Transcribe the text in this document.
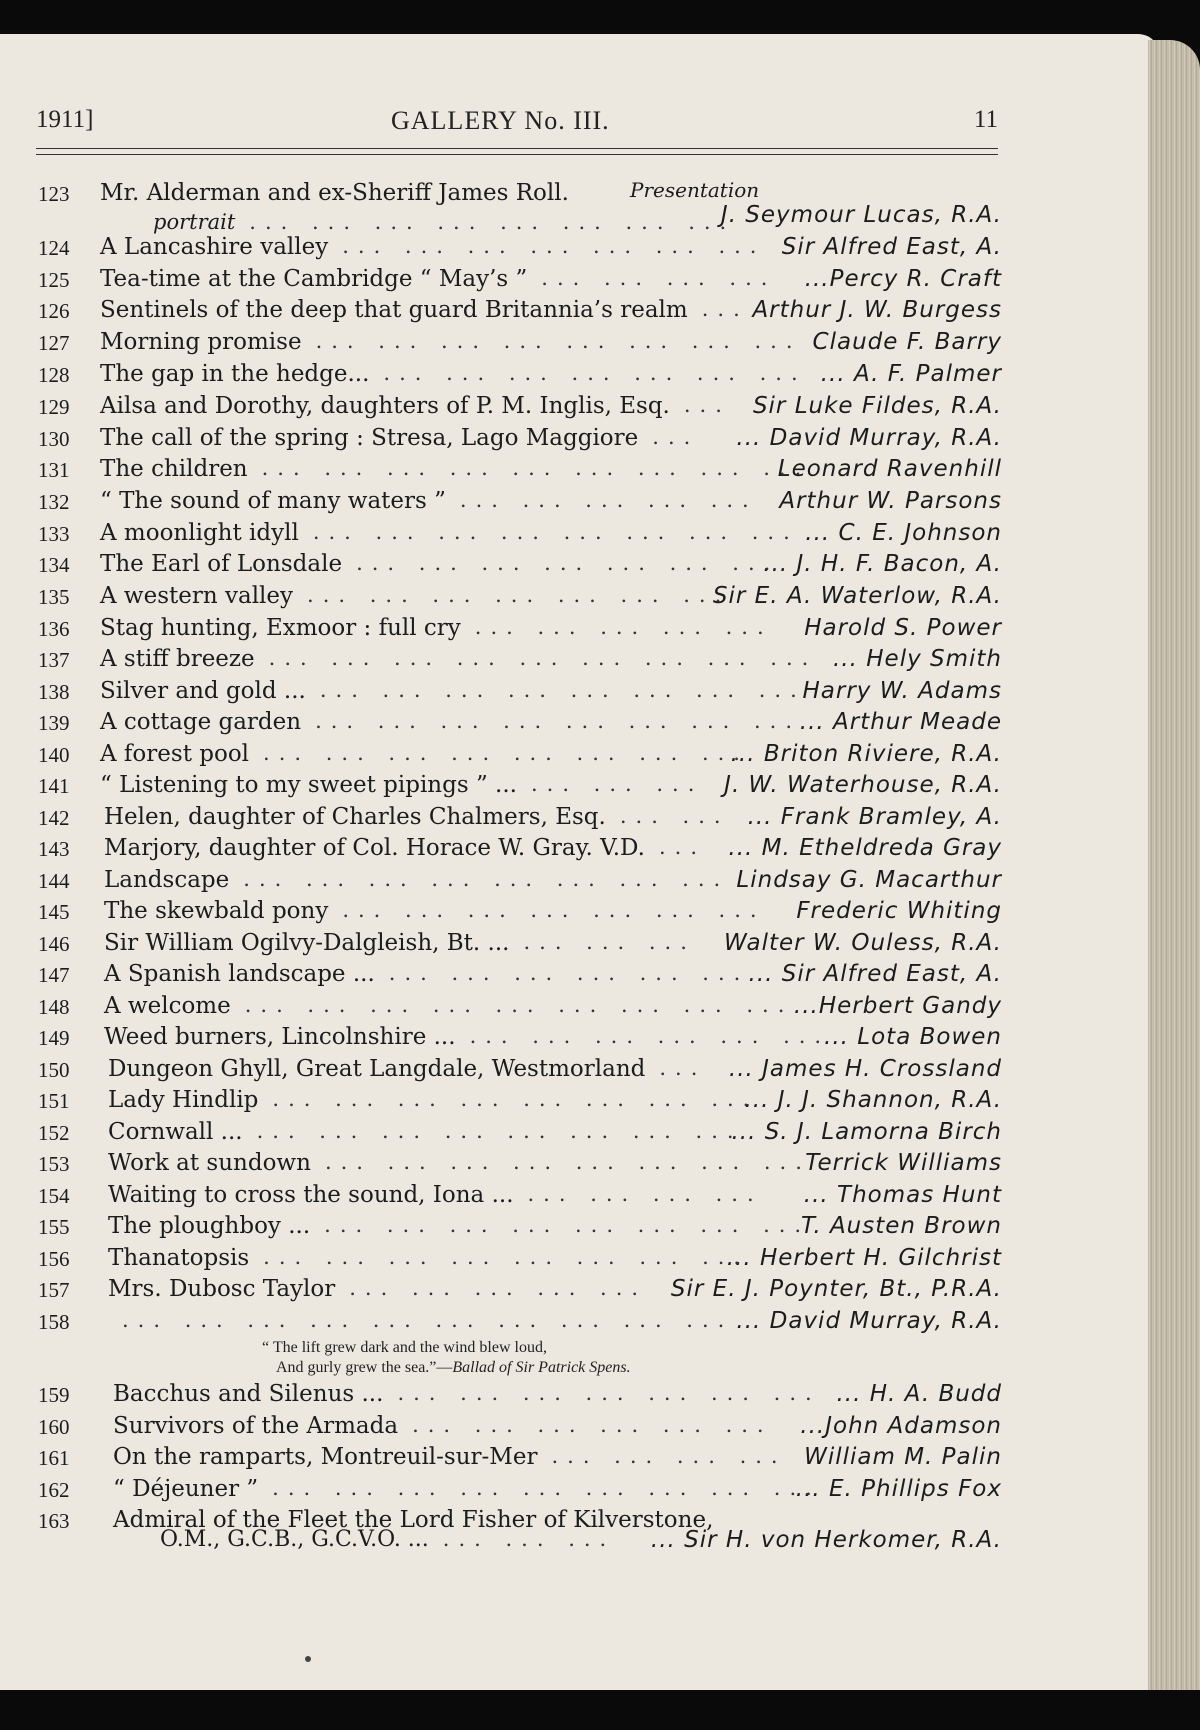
1911]	GALLERY No. III.	11
123 Mr. Alderman and ex-Sheriff James Roll.	Presentation
portrait	J. Seymour Lucas, R.A.
... ... ... ... ... ... ... ...
124 A Lancashire valley	Sir Alfred East, A.
... ... ... ... ... ... ...
125 Tea-time at the Cambridge “ May’s ”	...Percy R. Craft
... ... ... ...
126 Sentinels of the deep that guard Britannia’s realm	Arthur J. W. Burgess
...
127 Morning promise	Claude F. Barry
... ... ... ... ... ... ... ...
128 The gap in the hedge...	... A. F. Palmer
... ... ... ... ... ... ...
129 Ailsa and Dorothy, daughters of P. M. Inglis, Esq.	Sir Luke Fildes, R.A.
...
130 The call of the spring : Stresa, Lago Maggiore	... David Murray, R.A.
...
131 The children	Leonard Ravenhill
... ... ... ... ... ... ... ... ...
132 “ The sound of many waters ”	Arthur W. Parsons
... ... ... ... ...
133 A moonlight idyll	... C. E. Johnson
... ... ... ... ... ... ... ...
134 The Earl of Lonsdale	... J. H. F. Bacon, A.
... ... ... ... ... ... ...
135 A western valley	Sir E. A. Waterlow, R.A.
... ... ... ... ... ... ...
136 Stag hunting, Exmoor : full cry	Harold S. Power
... ... ... ... ...
137 A stiff breeze	... Hely Smith
... ... ... ... ... ... ... ... ...
138 Silver and gold ...	Harry W. Adams
... ... ... ... ... ... ... ...
139 A cottage garden	... Arthur Meade
... ... ... ... ... ... ... ...
140 A forest pool	... Briton Riviere, R.A.
... ... ... ... ... ... ... ...
141 “ Listening to my sweet pipings ” ...	J. W. Waterhouse, R.A.
... ... ...
142 Helen, daughter of Charles Chalmers, Esq.	... Frank Bramley, A.
... ...
143 Marjory, daughter of Col. Horace W. Gray. V.D.	... M. Etheldreda Gray
...
144 Landscape	Lindsay G. Macarthur
... ... ... ... ... ... ... ...
145 The skewbald pony	Frederic Whiting
... ... ... ... ... ... ...
146 Sir William Ogilvy-Dalgleish, Bt. ...	Walter W. Ouless, R.A.
... ... ...
147 A Spanish landscape ...	... Sir Alfred East, A.
... ... ... ... ... ...
148 A welcome	...Herbert Gandy
... ... ... ... ... ... ... ... ...
149 Weed burners, Lincolnshire ...	... Lota Bowen
... ... ... ... ... ...
150 Dungeon Ghyll, Great Langdale, Westmorland	... James H. Crossland
...
151 Lady Hindlip	... J. J. Shannon, R.A.
... ... ... ... ... ... ... ...
152 Cornwall ...	... S. J. Lamorna Birch
... ... ... ... ... ... ... ...
153 Work at sundown	Terrick Williams
... ... ... ... ... ... ... ...
154 Waiting to cross the sound, Iona ...	... Thomas Hunt
... ... ... ...
155 The ploughboy ...	T. Austen Brown
... ... ... ... ... ... ... ...
156 Thanatopsis	... Herbert H. Gilchrist
... ... ... ... ... ... ... ...
157 Mrs. Dubosc Taylor	Sir E. J. Poynter, Bt., P.R.A.
... ... ... ... ...
158	... David Murray, R.A.
... ... ... ... ... ... ... ... ... ...
159 Bacchus and Silenus ...	... H. A. Budd
... ... ... ... ... ... ...
160 Survivors of the Armada	...John Adamson
... ... ... ... ... ...
161 On the ramparts, Montreuil-sur-Mer	William M. Palin
... ... ... ...
162 “ Déjeuner ”	... E. Phillips Fox
... ... ... ... ... ... ... ... ...
163 Admiral of the Fleet the Lord Fisher of Kilverstone,
O.M., G.C.B., G.C.V.O. ...	... Sir H. von Herkomer, R.A.
... ... ...
“ The lift grew dark and the wind blew loud,
And gurly grew the sea.”—Ballad of Sir Patrick Spens.
